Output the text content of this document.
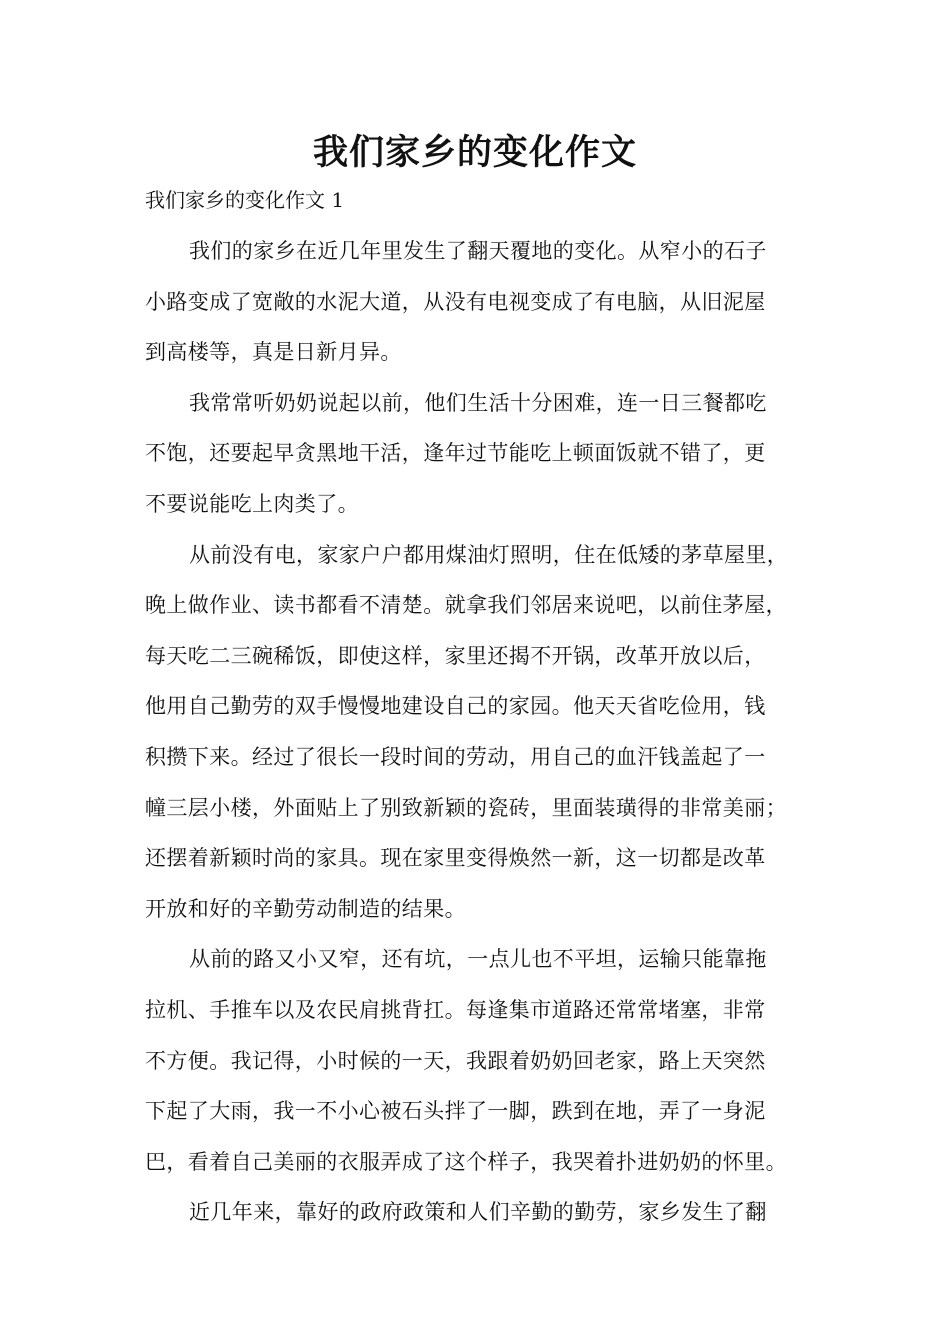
我们家乡的变化作文

我们家乡的变化作文 1

我们的家乡在近几年里发生了翻天覆地的变化。从窄小的石子
小路变成了宽敞的水泥大道，从没有电视变成了有电脑，从旧泥屋
到高楼等，真是日新月异。
我常常听奶奶说起以前，他们生活十分困难，连一日三餐都吃
不饱，还要起早贪黑地干活，逢年过节能吃上顿面饭就不错了，更
不要说能吃上肉类了。
从前没有电，家家户户都用煤油灯照明，住在低矮的茅草屋里，
晚上做作业、读书都看不清楚。就拿我们邻居来说吧，以前住茅屋，
每天吃二三碗稀饭，即使这样，家里还揭不开锅，改革开放以后，
他用自己勤劳的双手慢慢地建设自己的家园。他天天省吃俭用，钱
积攒下来。经过了很长一段时间的劳动，用自己的血汗钱盖起了一
幢三层小楼，外面贴上了别致新颖的瓷砖，里面装璜得的非常美丽；
还摆着新颖时尚的家具。现在家里变得焕然一新，这一切都是改革
开放和好的辛勤劳动制造的结果。
从前的路又小又窄，还有坑，一点儿也不平坦，运输只能靠拖
拉机、手推车以及农民肩挑背扛。每逢集市道路还常常堵塞，非常
不方便。我记得，小时候的一天，我跟着奶奶回老家，路上天突然
下起了大雨，我一不小心被石头拌了一脚，跌到在地，弄了一身泥
巴，看着自己美丽的衣服弄成了这个样子，我哭着扑进奶奶的怀里。
近几年来，靠好的政府政策和人们辛勤的勤劳，家乡发生了翻
